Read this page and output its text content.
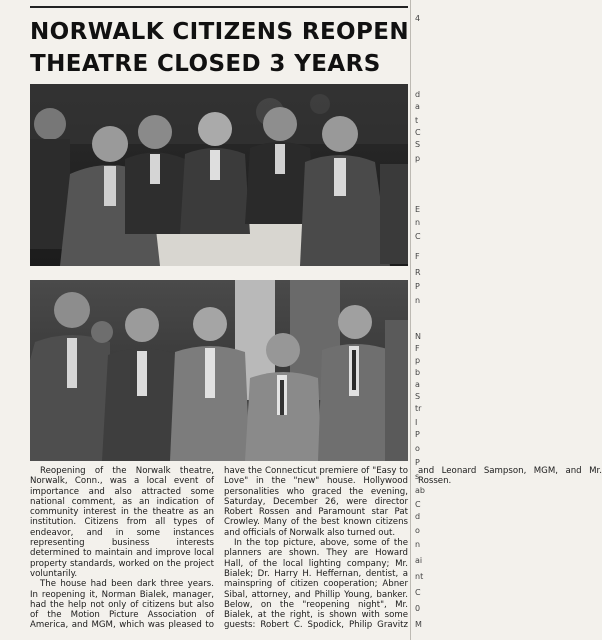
NORWALK CITIZENS REOPEN
THEATRE CLOSED 3 YEARS

Reopening of the Norwalk theatre, Norwalk, Conn., was a local event of importance and also attracted some national comment, as an indication of community interest in the theatre as an institution. Citizens from all types of endeavor, and in some instances representing business interests determined to maintain and improve local property standards, worked on the project voluntarily.

The house had been dark three years. In reopening it, Norman Bialek, manager, had the help not only of citizens but also of the Motion Picture Association of America, and MGM, which was pleased to have the Connecticut premiere of "Easy to Love" in the "new" house. Hollywood personalities who graced the evening, Saturday, December 26, were director Robert Rossen and Paramount star Pat Crowley. Many of the best known citizens and officials of Norwalk also turned out.

In the top picture, above, some of the planners are shown. They are Howard Hall, of the local lighting company; Mr. Bialek; Dr. Harry H. Heffernan, dentist, a mainspring of citizen cooperation; Abner Sibal, attorney, and Phillip Young, banker. Below, on the "reopening night", Mr. Bialek, at the right, is shown with some guests: Robert C. Spodick, Philip Gravitz and Leonard Sampson, MGM, and Mr. Rossen.

4
d
a
t
C
S
p
E
n
C
F
R
P
n
N
F
p
b
a
S
tr
I
P
o
P
s
ab
C
d
o
n
ai
nt
C
0
M
